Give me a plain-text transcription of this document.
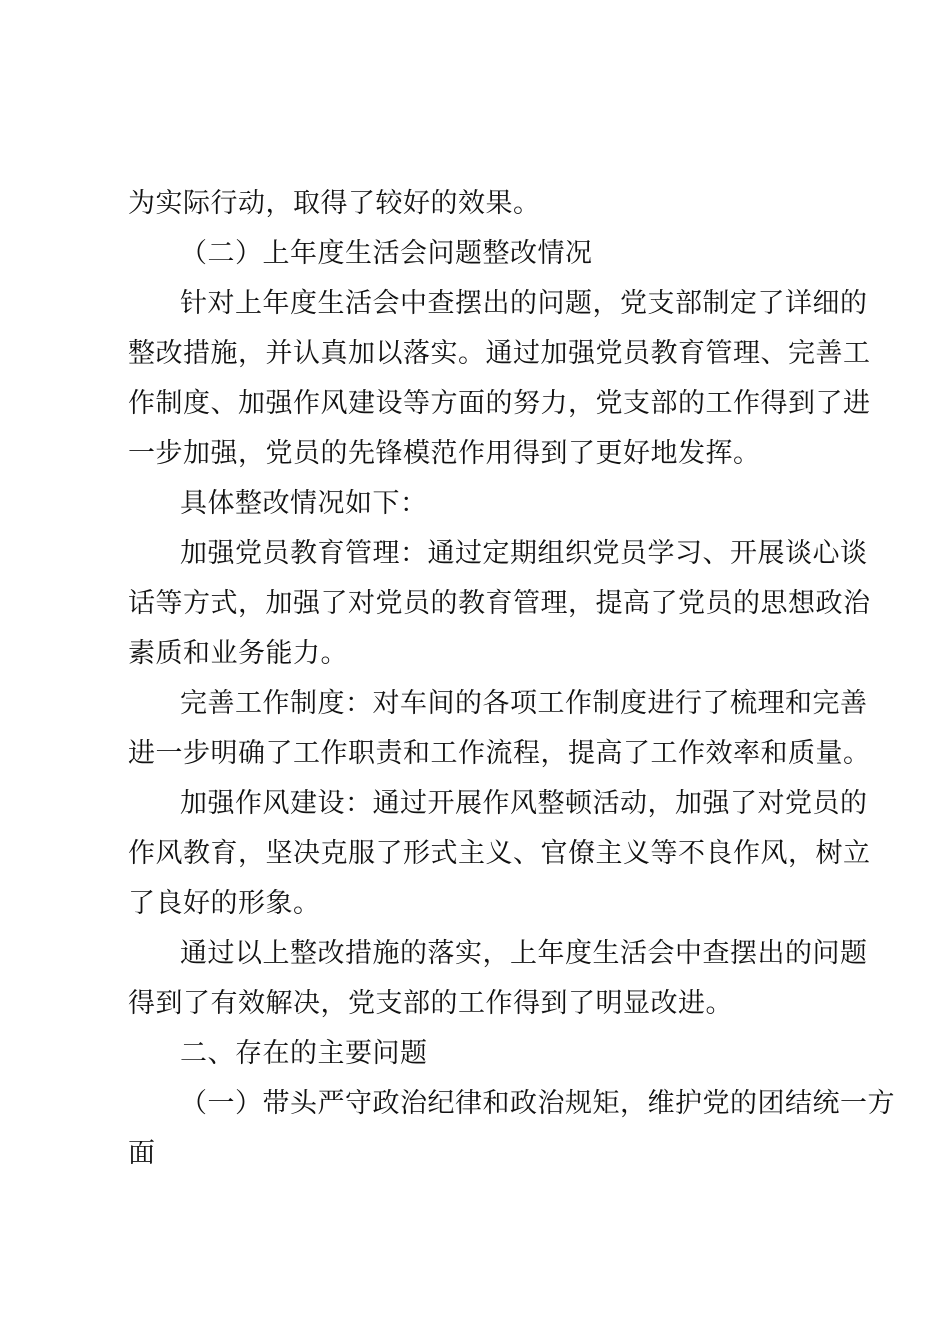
为实际行动，取得了较好的效果。
（二）上年度生活会问题整改情况
针对上年度生活会中查摆出的问题，党支部制定了详细的
整改措施，并认真加以落实。通过加强党员教育管理、完善工
作制度、加强作风建设等方面的努力，党支部的工作得到了进
一步加强，党员的先锋模范作用得到了更好地发挥。
具体整改情况如下：
加强党员教育管理：通过定期组织党员学习、开展谈心谈
话等方式，加强了对党员的教育管理，提高了党员的思想政治
素质和业务能力。
完善工作制度：对车间的各项工作制度进行了梳理和完善
进一步明确了工作职责和工作流程，提高了工作效率和质量。
加强作风建设：通过开展作风整顿活动，加强了对党员的
作风教育，坚决克服了形式主义、官僚主义等不良作风，树立
了良好的形象。
通过以上整改措施的落实，上年度生活会中查摆出的问题
得到了有效解决，党支部的工作得到了明显改进。
二、存在的主要问题
（一）带头严守政治纪律和政治规矩，维护党的团结统一方
面
